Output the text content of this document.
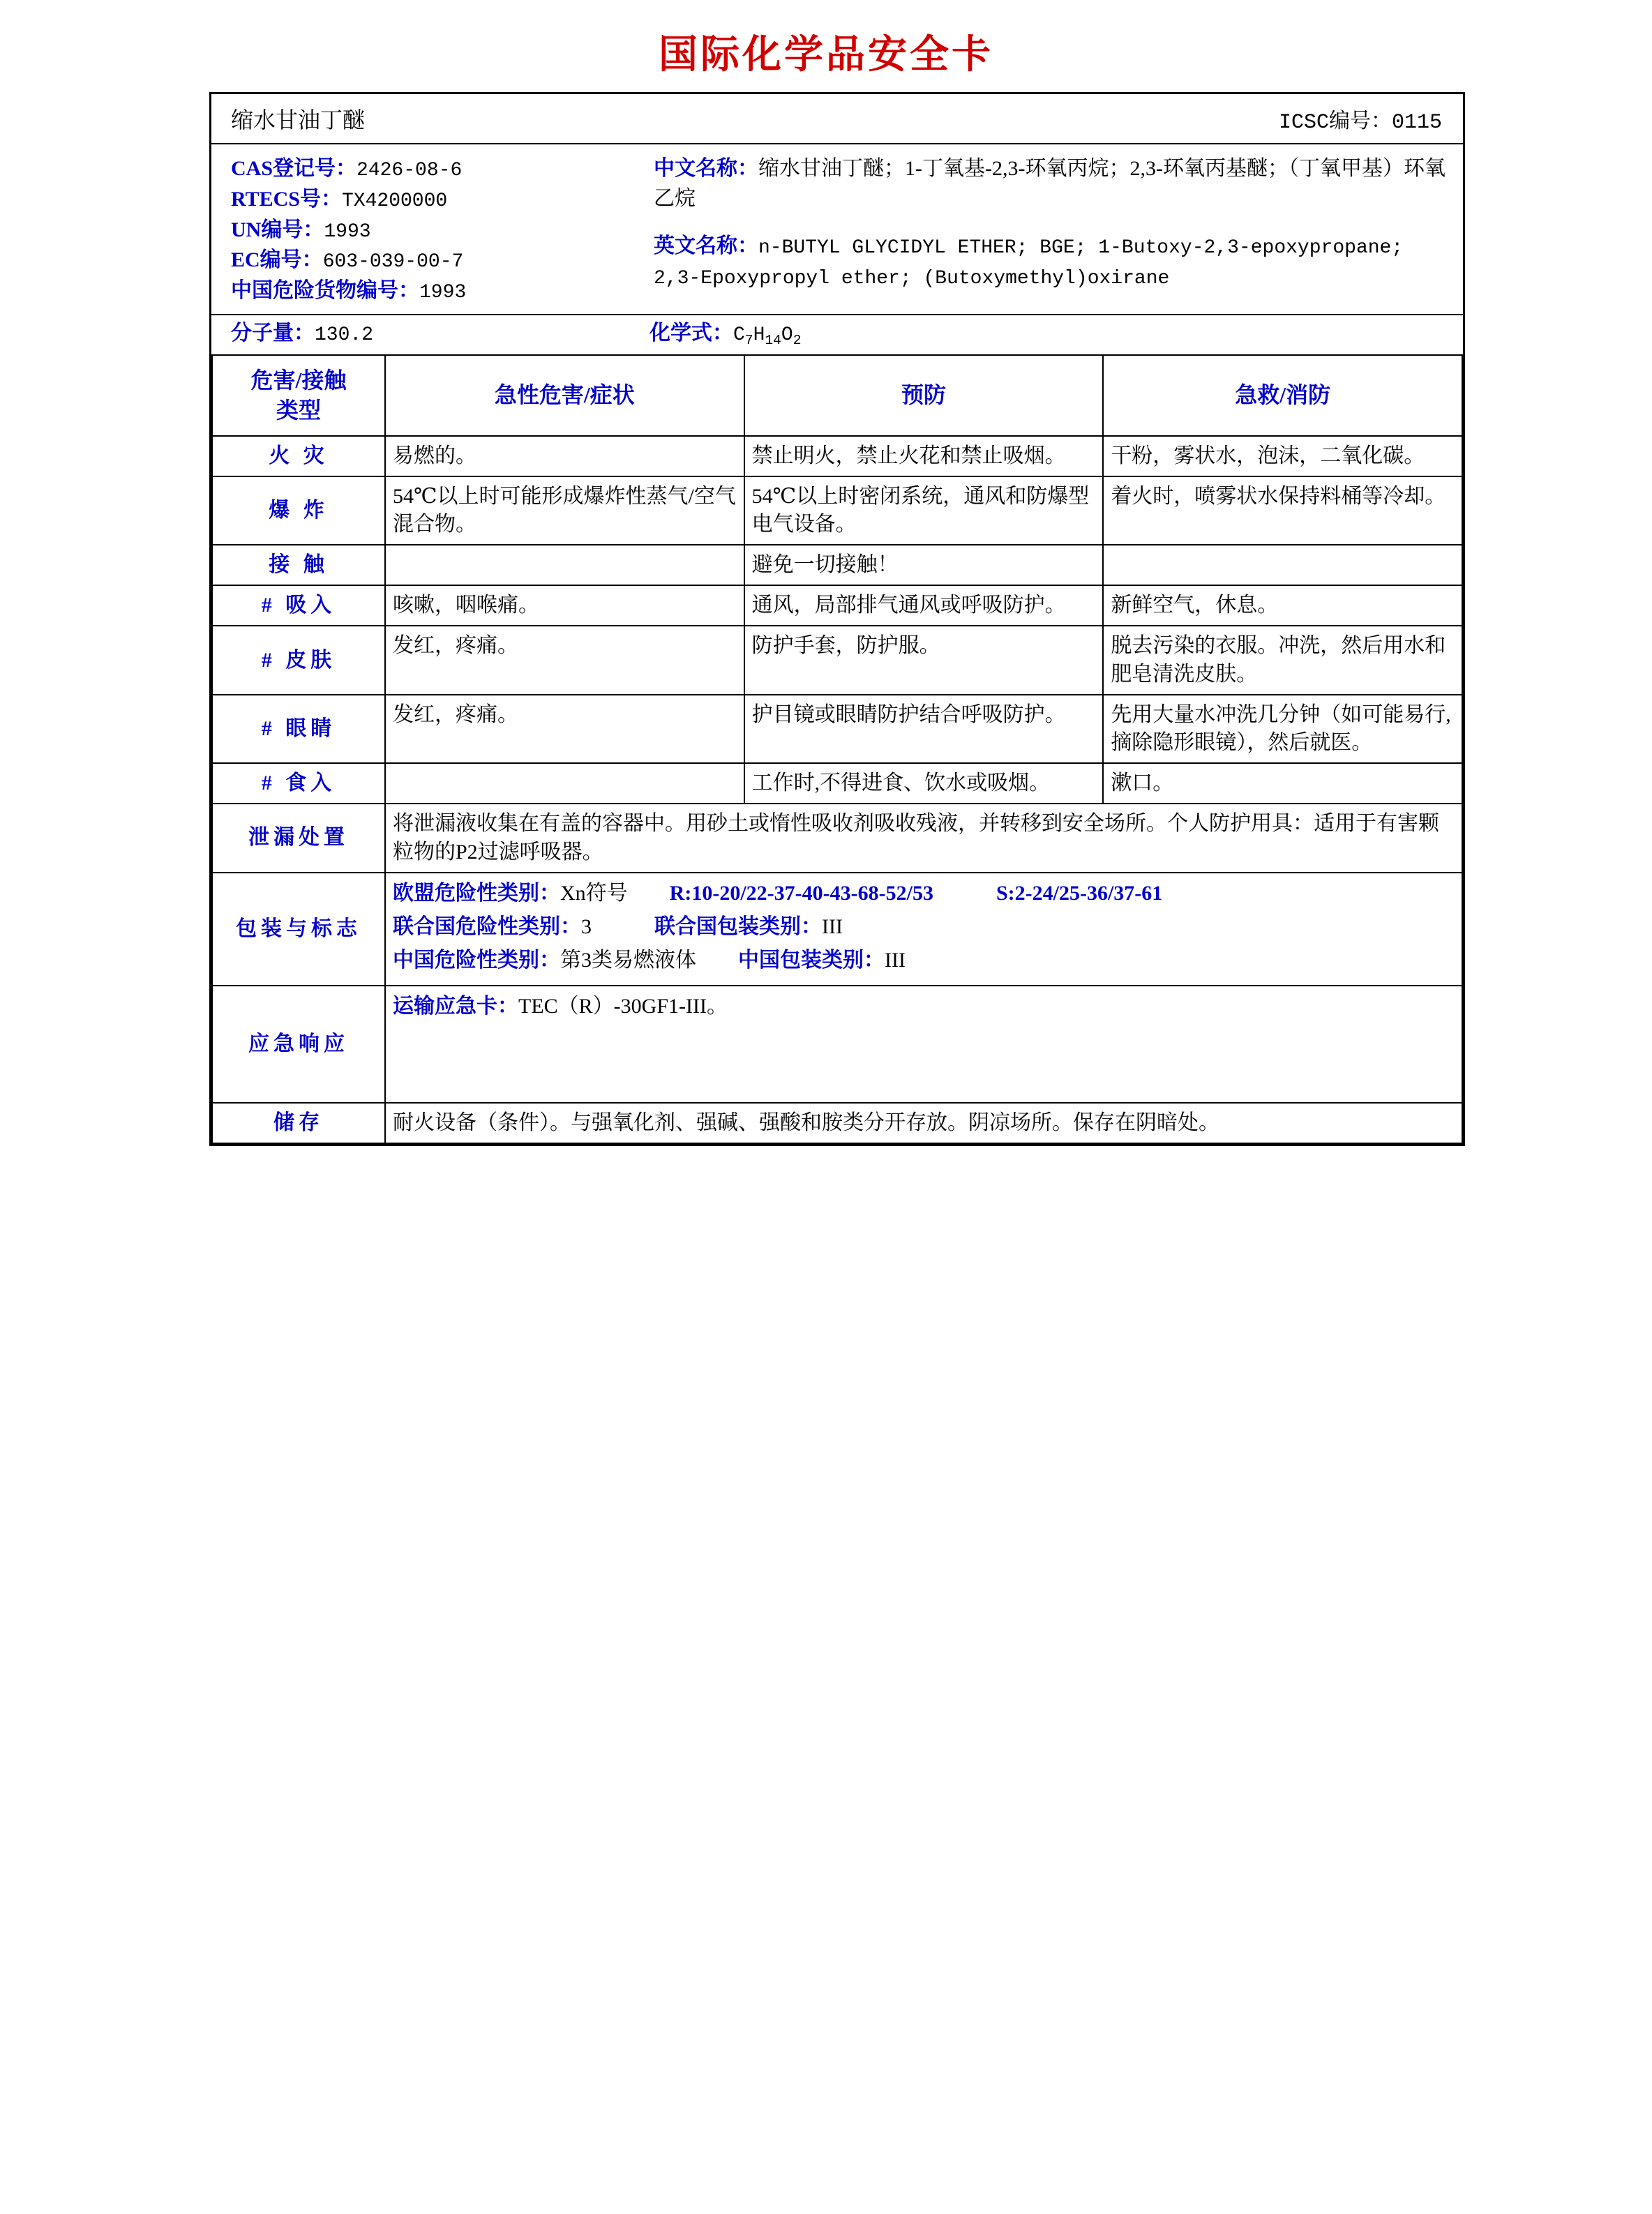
国际化学品安全卡
缩水甘油丁醚	ICSC编号：0115
CAS登记号：2426-08-6
RTECS号：TX4200000
UN编号：1993
EC编号：603-039-00-7
中国危险货物编号：1993
中文名称：缩水甘油丁醚；1-丁氧基-2,3-环氧丙烷；2,3-环氧丙基醚；（丁氧甲基）环氧乙烷
英文名称：n-BUTYL GLYCIDYL ETHER; BGE; 1-Butoxy-2,3-epoxypropane; 2,3-Epoxypropyl ether; (Butoxymethyl)oxirane
分子量：130.2	化学式：$C_7H_{14}O_2$
危害/接触
类型	急性危害/症状	预防	急救/消防
火 灾	易燃的。	禁止明火，禁止火花和禁止吸烟。	干粉，雾状水，泡沫，二氧化碳。
爆 炸	54℃以上时可能形成爆炸性蒸气/空气混合物。	54℃以上时密闭系统，通风和防爆型电气设备。	着火时，喷雾状水保持料桶等冷却。
接 触		避免一切接触！	
# 吸入	咳嗽，咽喉痛。	通风，局部排气通风或呼吸防护。	新鲜空气，休息。
# 皮肤	发红，疼痛。	防护手套，防护服。	脱去污染的衣服。冲洗，然后用水和肥皂清洗皮肤。
# 眼睛	发红，疼痛。	护目镜或眼睛防护结合呼吸防护。	先用大量水冲洗几分钟（如可能易行,摘除隐形眼镜），然后就医。
# 食入		工作时,不得进食、饮水或吸烟。	漱口。
泄漏处置	将泄漏液收集在有盖的容器中。用砂土或惰性吸收剂吸收残液，并转移到安全场所。个人防护用具：适用于有害颗粒物的P2过滤呼吸器。		
包装与标志	欧盟危险性类别：Xn符号 R:10-20/22-37-40-43-68-52/53 S:2-24/25-36/37-61
联合国危险性类别：3 联合国包装类别：III
中国危险性类别：第3类易燃液体 中国包装类别：III		

应急响应	运输应急卡：TEC（R）-30GF1-III。		

储存	耐火设备（条件）。与强氧化剂、强碱、强酸和胺类分开存放。阴凉场所。保存在阴暗处。		
